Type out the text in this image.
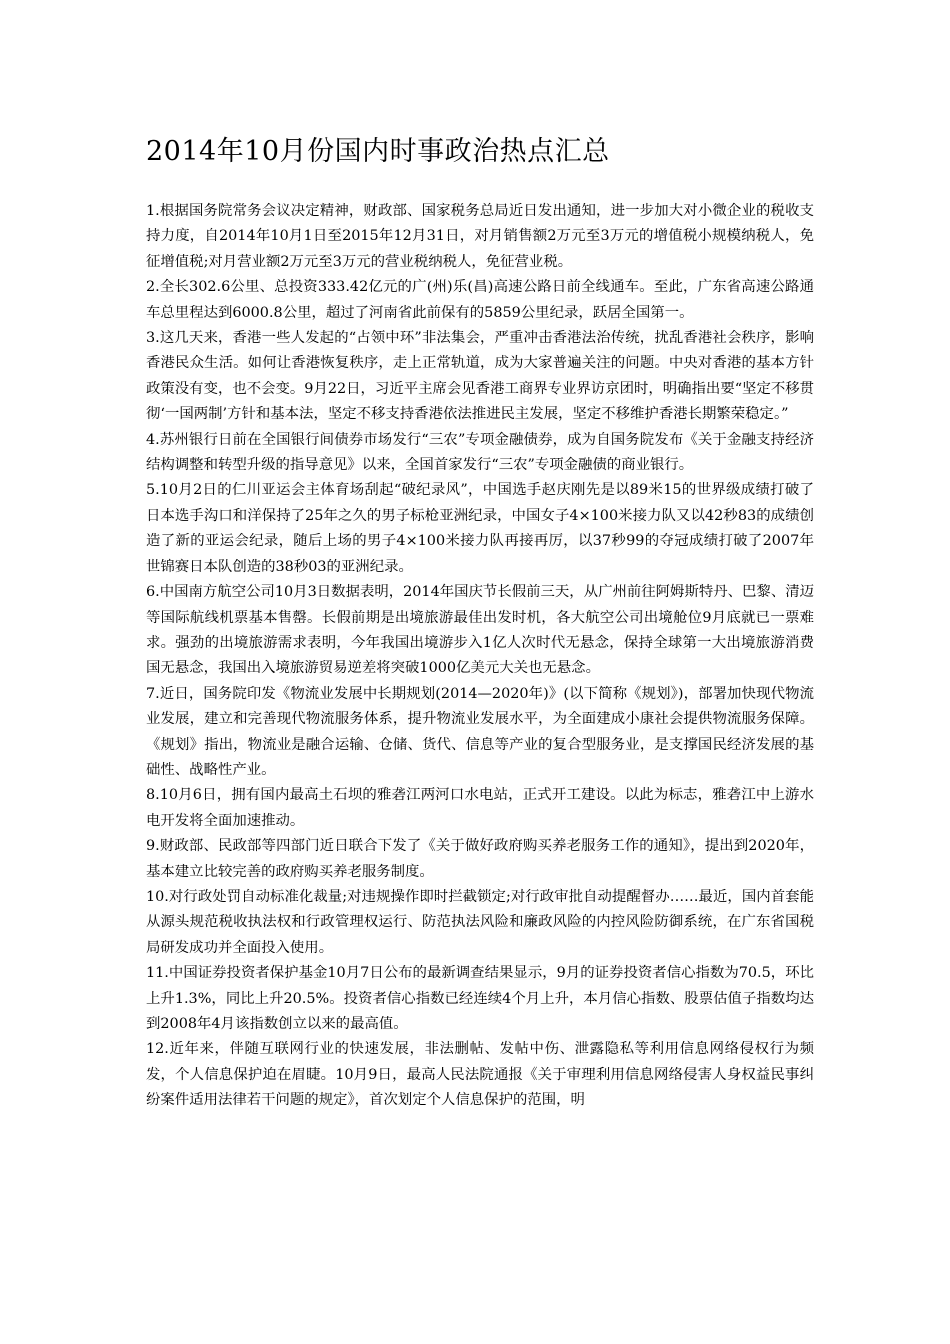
2014年10月份国内时事政治热点汇总

1.根据国务院常务会议决定精神，财政部、国家税务总局近日发出通知，进一步加大对小微企业的税收支持力度，自2014年10月1日至2015年12月31日，对月销售额2万元至3万元的增值税小规模纳税人，免征增值税;对月营业额2万元至3万元的营业税纳税人，免征营业税。

2.全长302.6公里、总投资333.42亿元的广(州)乐(昌)高速公路日前全线通车。至此，广东省高速公路通车总里程达到6000.8公里，超过了河南省此前保有的5859公里纪录，跃居全国第一。

3.这几天来，香港一些人发起的“占领中环”非法集会，严重冲击香港法治传统，扰乱香港社会秩序，影响香港民众生活。如何让香港恢复秩序，走上正常轨道，成为大家普遍关注的问题。中央对香港的基本方针政策没有变，也不会变。9月22日，习近平主席会见香港工商界专业界访京团时，明确指出要“坚定不移贯彻‘一国两制’方针和基本法，坚定不移支持香港依法推进民主发展，坚定不移维护香港长期繁荣稳定。”

4.苏州银行日前在全国银行间债券市场发行“三农”专项金融债券，成为自国务院发布《关于金融支持经济结构调整和转型升级的指导意见》以来，全国首家发行“三农”专项金融债的商业银行。

5.10月2日的仁川亚运会主体育场刮起“破纪录风”，中国选手赵庆刚先是以89米15的世界级成绩打破了日本选手沟口和洋保持了25年之久的男子标枪亚洲纪录，中国女子4×100米接力队又以42秒83的成绩创造了新的亚运会纪录，随后上场的男子4×100米接力队再接再厉，以37秒99的夺冠成绩打破了2007年世锦赛日本队创造的38秒03的亚洲纪录。

6.中国南方航空公司10月3日数据表明，2014年国庆节长假前三天，从广州前往阿姆斯特丹、巴黎、清迈等国际航线机票基本售罄。长假前期是出境旅游最佳出发时机，各大航空公司出境舱位9月底就已一票难求。强劲的出境旅游需求表明，今年我国出境游步入1亿人次时代无悬念，保持全球第一大出境旅游消费国无悬念，我国出入境旅游贸易逆差将突破1000亿美元大关也无悬念。

7.近日，国务院印发《物流业发展中长期规划(2014—2020年)》(以下简称《规划》)，部署加快现代物流业发展，建立和完善现代物流服务体系，提升物流业发展水平，为全面建成小康社会提供物流服务保障。《规划》指出，物流业是融合运输、仓储、货代、信息等产业的复合型服务业，是支撑国民经济发展的基础性、战略性产业。

8.10月6日，拥有国内最高土石坝的雅砻江两河口水电站，正式开工建设。以此为标志，雅砻江中上游水电开发将全面加速推动。

9.财政部、民政部等四部门近日联合下发了《关于做好政府购买养老服务工作的通知》，提出到2020年，基本建立比较完善的政府购买养老服务制度。

10.对行政处罚自动标准化裁量;对违规操作即时拦截锁定;对行政审批自动提醒督办……最近，国内首套能从源头规范税收执法权和行政管理权运行、防范执法风险和廉政风险的内控风险防御系统，在广东省国税局研发成功并全面投入使用。

11.中国证券投资者保护基金10月7日公布的最新调查结果显示，9月的证券投资者信心指数为70.5，环比上升1.3%，同比上升20.5%。投资者信心指数已经连续4个月上升，本月信心指数、股票估值子指数均达到2008年4月该指数创立以来的最高值。

12.近年来，伴随互联网行业的快速发展，非法删帖、发帖中伤、泄露隐私等利用信息网络侵权行为频发，个人信息保护迫在眉睫。10月9日，最高人民法院通报《关于审理利用信息网络侵害人身权益民事纠纷案件适用法律若干问题的规定》，首次划定个人信息保护的范围，明
